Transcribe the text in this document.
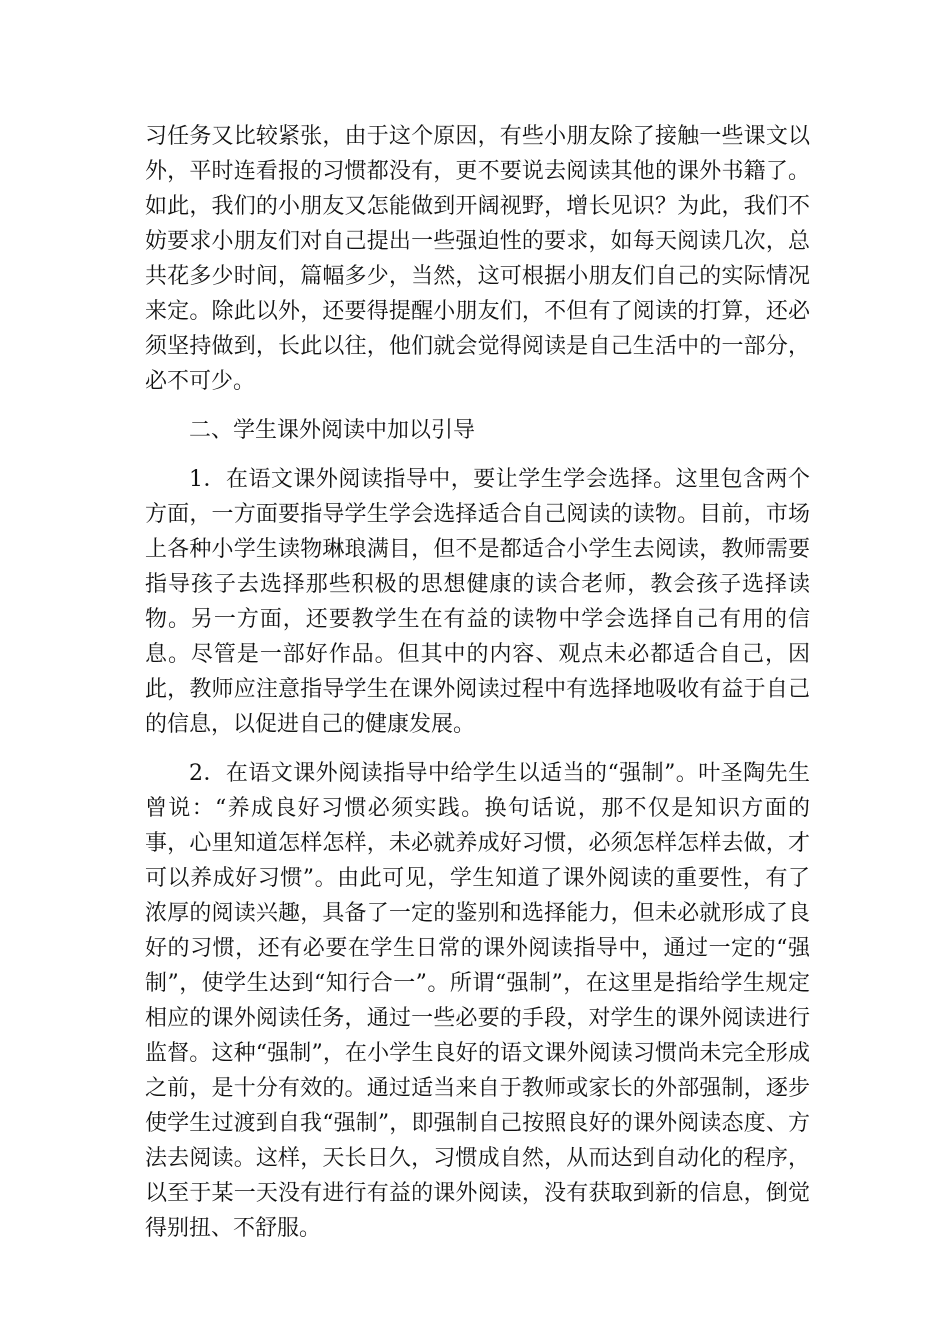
习任务又比较紧张，由于这个原因，有些小朋友除了接触一些课文以外，平时连看报的习惯都没有，更不要说去阅读其他的课外书籍了。如此，我们的小朋友又怎能做到开阔视野，增长见识？为此，我们不妨要求小朋友们对自己提出一些强迫性的要求，如每天阅读几次，总共花多少时间，篇幅多少，当然，这可根据小朋友们自己的实际情况来定。除此以外，还要得提醒小朋友们，不但有了阅读的打算，还必须坚持做到，长此以往，他们就会觉得阅读是自己生活中的一部分，必不可少。

二、学生课外阅读中加以引导

1．在语文课外阅读指导中，要让学生学会选择。这里包含两个方面，一方面要指导学生学会选择适合自己阅读的读物。目前，市场上各种小学生读物琳琅满目，但不是都适合小学生去阅读，教师需要指导孩子去选择那些积极的思想健康的读合老师，教会孩子选择读物。另一方面，还要教学生在有益的读物中学会选择自己有用的信息。尽管是一部好作品。但其中的内容、观点未必都适合自己，因此，教师应注意指导学生在课外阅读过程中有选择地吸收有益于自己的信息，以促进自己的健康发展。

2．在语文课外阅读指导中给学生以适当的“强制”。叶圣陶先生曾说：“养成良好习惯必须实践。换句话说，那不仅是知识方面的事，心里知道怎样怎样，未必就养成好习惯，必须怎样怎样去做，才可以养成好习惯”。由此可见，学生知道了课外阅读的重要性，有了浓厚的阅读兴趣，具备了一定的鉴别和选择能力，但未必就形成了良好的习惯，还有必要在学生日常的课外阅读指导中，通过一定的“强制”，使学生达到“知行合一”。所谓“强制”，在这里是指给学生规定相应的课外阅读任务，通过一些必要的手段，对学生的课外阅读进行监督。这种“强制”，在小学生良好的语文课外阅读习惯尚未完全形成之前，是十分有效的。通过适当来自于教师或家长的外部强制，逐步使学生过渡到自我“强制”，即强制自己按照良好的课外阅读态度、方法去阅读。这样，天长日久，习惯成自然，从而达到自动化的程序，以至于某一天没有进行有益的课外阅读，没有获取到新的信息，倒觉得别扭、不舒服。
